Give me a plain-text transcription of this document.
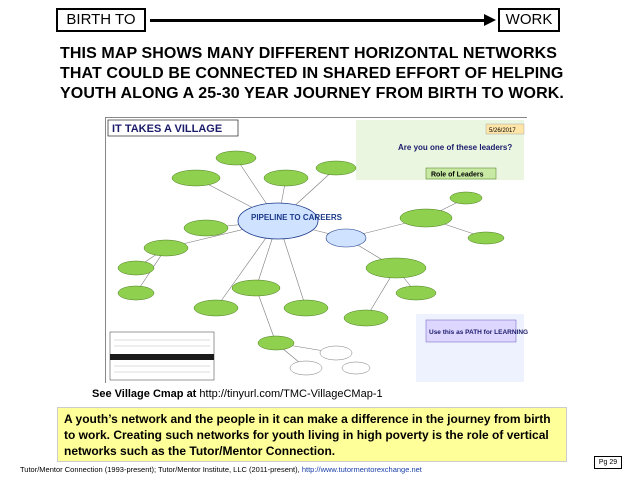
BIRTH TO	WORK
THIS MAP SHOWS MANY DIFFERENT HORIZONTAL NETWORKS THAT COULD BE CONNECTED IN SHARED EFFORT OF HELPING YOUTH ALONG A 25-30 YEAR JOURNEY FROM BIRTH TO WORK.
IT TAKES A VILLAGE	5/26/2017
Are you one of these leaders?
Role of Leaders
PIPELINE TO CAREERS
Use this as PATH for LEARNING
See Village Cmap at http://tinyurl.com/TMC-VillageCMap-1
A youth’s network and the people in it can make a difference in the journey from birth to work. Creating such networks for youth living in high poverty is the role of vertical networks such as the Tutor/Mentor Connection.
Pg 29
Tutor/Mentor Connection (1993-present); Tutor/Mentor Institute, LLC (2011-present), http://www.tutormentorexchange.net
